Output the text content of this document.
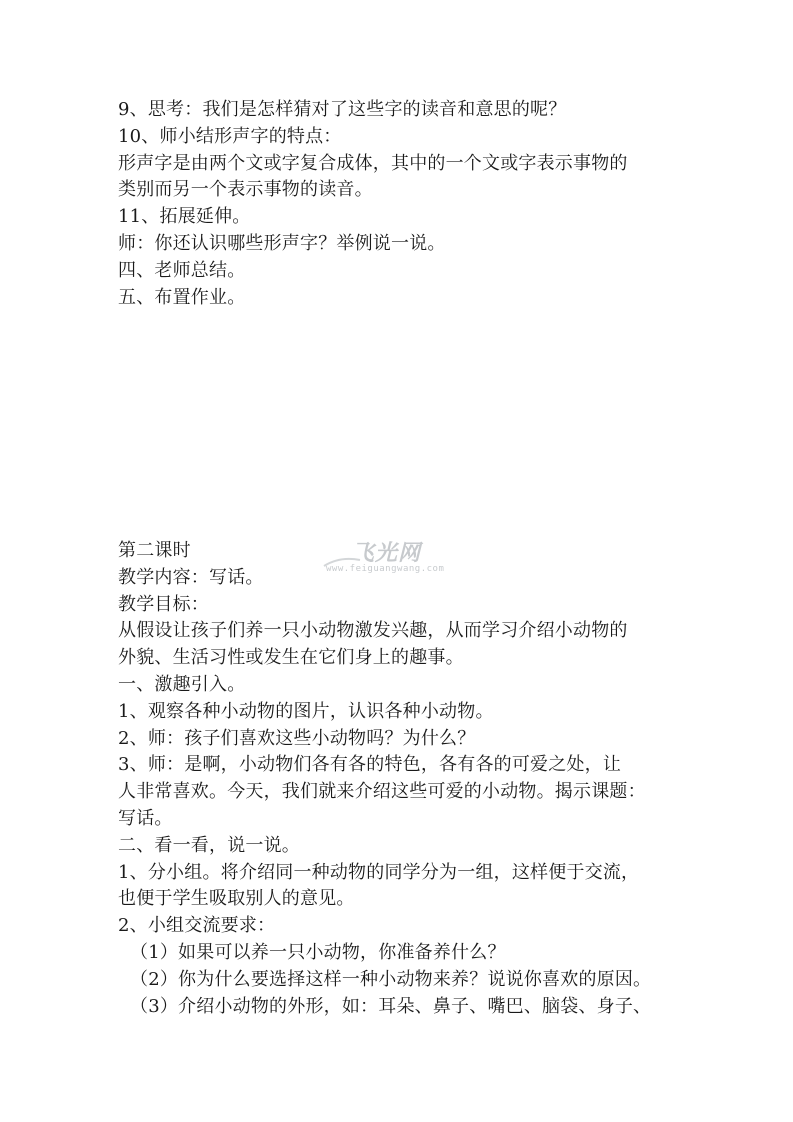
9、思考：我们是怎样猜对了这些字的读音和意思的呢？
10、师小结形声字的特点：
形声字是由两个文或字复合成体，其中的一个文或字表示事物的
类别而另一个表示事物的读音。
11、拓展延伸。
师：你还认识哪些形声字？举例说一说。
四、老师总结。
五、布置作业。
飞光网
www.feiguangwang.com
第二课时
教学内容：写话。
教学目标：
从假设让孩子们养一只小动物激发兴趣，从而学习介绍小动物的
外貌、生活习性或发生在它们身上的趣事。
一、激趣引入。
1、观察各种小动物的图片，认识各种小动物。
2、师：孩子们喜欢这些小动物吗？为什么？
3、师：是啊，小动物们各有各的特色，各有各的可爱之处，让
人非常喜欢。今天，我们就来介绍这些可爱的小动物。揭示课题：
写话。
二、看一看，说一说。
1、分小组。将介绍同一种动物的同学分为一组，这样便于交流，
也便于学生吸取别人的意见。
2、小组交流要求：
（1）如果可以养一只小动物，你准备养什么？
（2）你为什么要选择这样一种小动物来养？说说你喜欢的原因。
（3）介绍小动物的外形，如：耳朵、鼻子、嘴巴、脑袋、身子、
